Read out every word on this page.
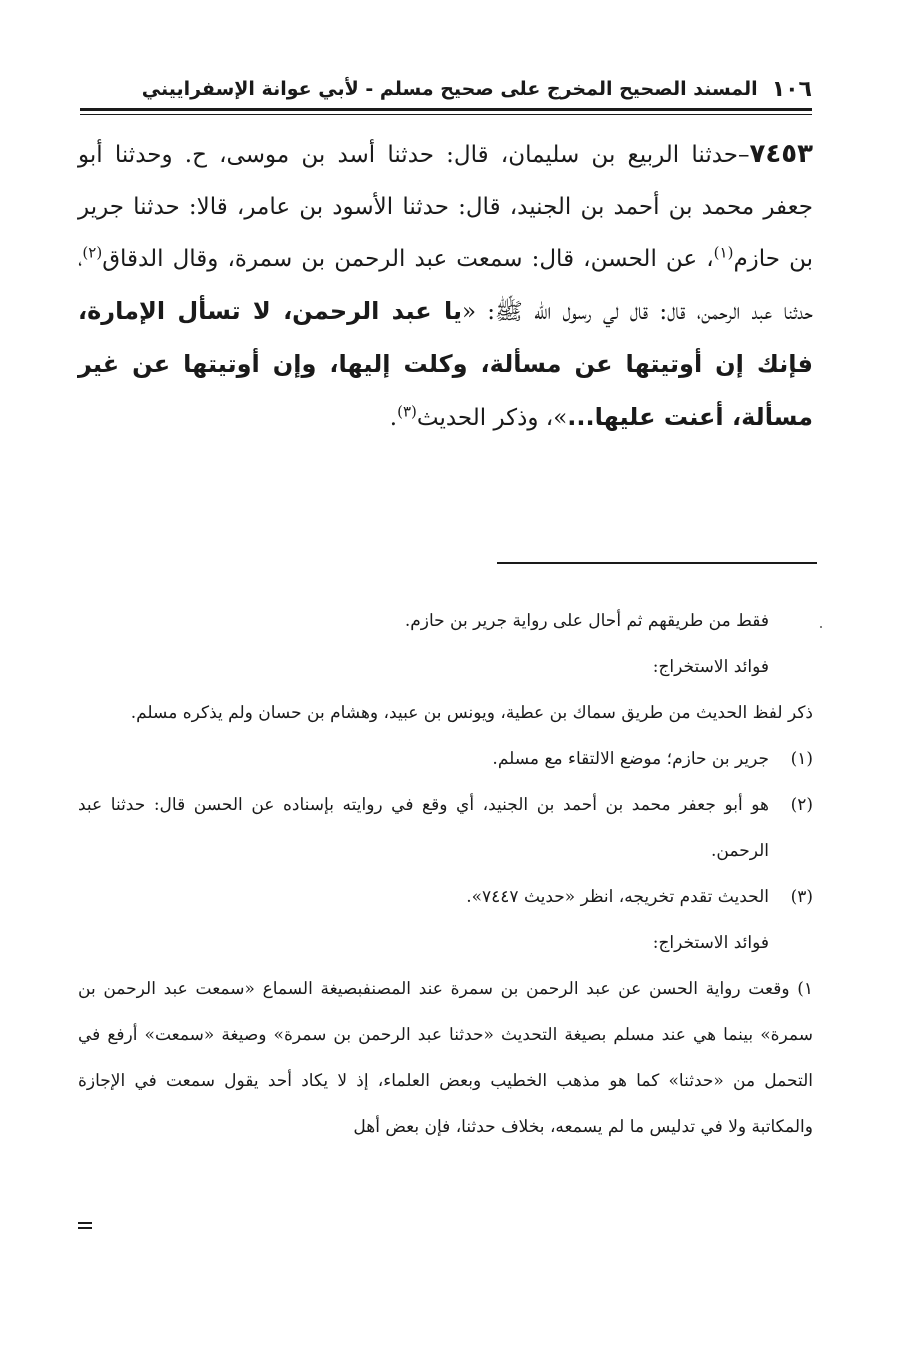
١٠٦
المسند الصحيح المخرج على صحيح مسلم - لأبي عوانة الإسفراييني
٧٤٥٣–حدثنا الربيع بن سليمان، قال: حدثنا أسد بن موسى، ح. وحدثنا أبو جعفر محمد بن أحمد بن الجنيد، قال: حدثنا الأسود بن عامر، قالا: حدثنا جرير بن حازم$^{(١)}$، عن الحسن، قال: سمعت عبد الرحمن بن سمرة، وقال الدقاق$^{(٢)}$، حدثنا عبد الرحمن، قال: قال لي رسول الله ﷺ: «يا عبد الرحمن، لا تسأل الإمارة، فإنك إن أوتيتها عن مسألة، وكلت إليها، وإن أوتيتها عن غير مسألة، أعنت عليها...»، وذكر الحديث$^{(٣)}$.

فقط من طريقهم ثم أحال على رواية جرير بن حازم.

فوائد الاستخراج:

ذكر لفظ الحديث من طريق سماك بن عطية، ويونس بن عبيد، وهشام بن حسان ولم يذكره مسلم.

(١)
جرير بن حازم؛ موضع الالتقاء مع مسلم.
(٢)
هو أبو جعفر محمد بن أحمد بن الجنيد، أي وقع في روايته بإسناده عن الحسن قال: حدثنا عبد الرحمن.
(٣)
الحديث تقدم تخريجه، انظر «حديث ٧٤٤٧».

فوائد الاستخراج:

١) وقعت رواية الحسن عن عبد الرحمن بن سمرة عند المصنفبصيغة السماع «سمعت عبد الرحمن بن سمرة» بينما هي عند مسلم بصيغة التحديث «حدثنا عبد الرحمن بن سمرة» وصيغة «سمعت» أرفع في التحمل من «حدثنا» كما هو مذهب الخطيب وبعض العلماء، إذ لا يكاد أحد يقول سمعت في الإجازة والمكاتبة ولا في تدليس ما لم يسمعه، بخلاف حدثنا، فإن بعض أهل
